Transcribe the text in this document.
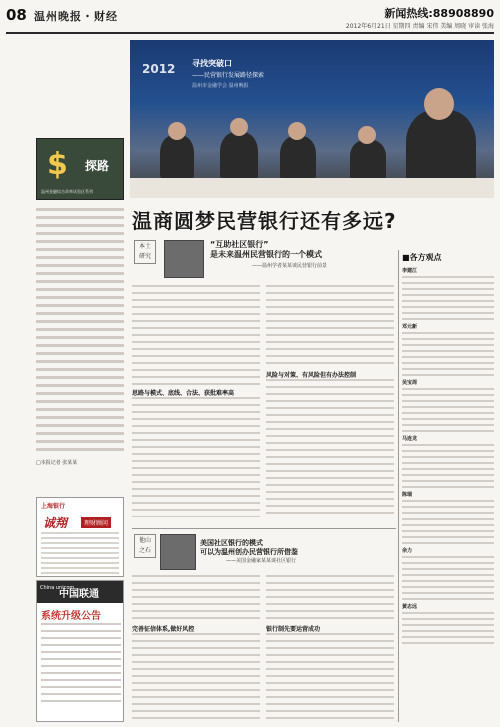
08 温州晚报・财经	新闻热线:88908890
2012年6月21日 星期四 责编 宋伟 美编 周晓 审读 张海
2012 寻找突破口
——民营银行发展路径探索
温州市金融学会 温州晚报
$ 探路
温州金融综合改革试验区系列
□本报记者 张某某
上海银行
诚翔	理财顾问
China unicom
中国联通
系统升级公告
温商圆梦民营银行还有多远?
本土
研究
“互助社区银行”
是未来温州民营银行的一个模式
——温州学者某某谈民营银行前景
思路与模式、底线、合法、获批难率高
风险与对策、有风险但有办法控制
他山
之石
美国社区银行的模式
可以为温州创办民营银行所借鉴
——美国金融家某某谈社区银行
完善征信体系,做好风控	银行制先要运营成功
■各方观点
李建江
邓元新
吴宝周
马连龙
陈瑞
余力
黄志远
